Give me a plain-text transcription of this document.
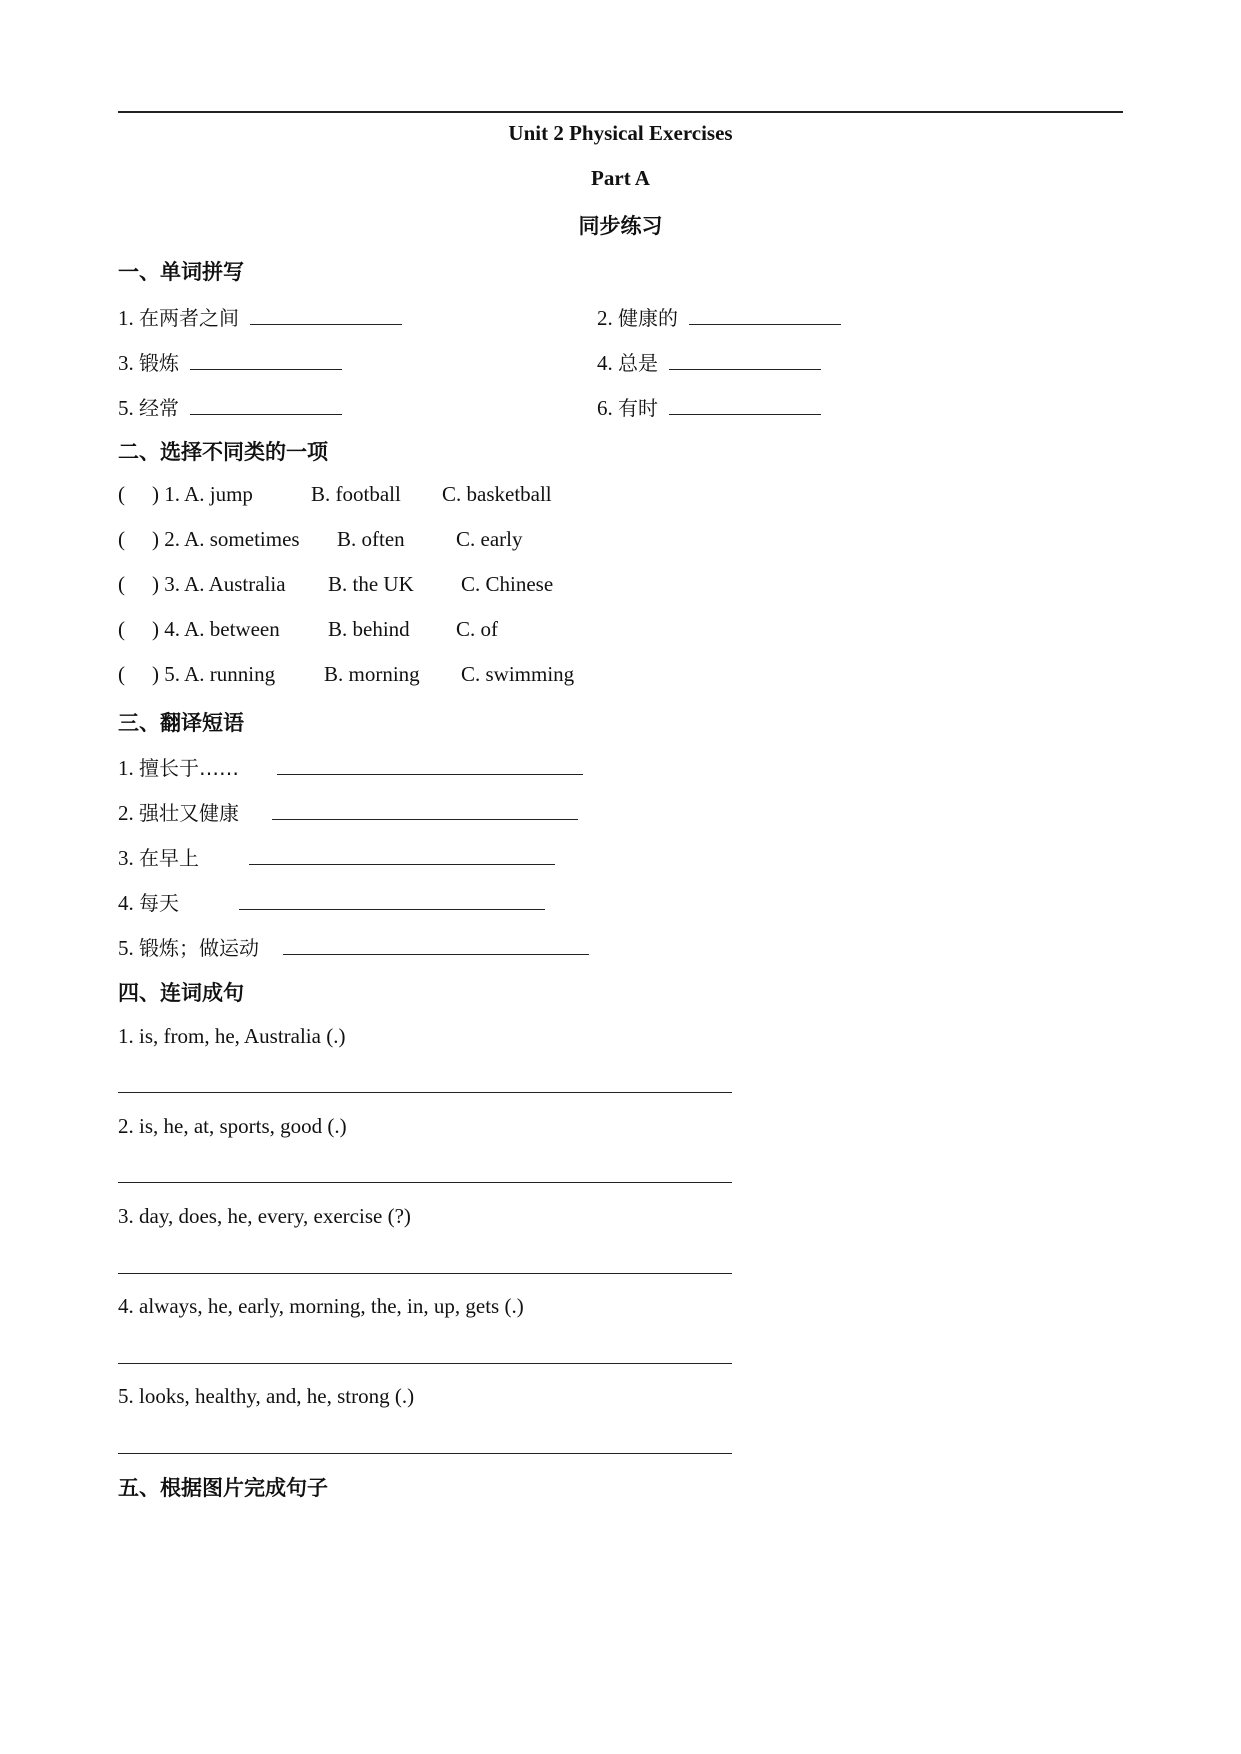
Unit 2 Physical Exercises
Part A
同步练习
一、单词拼写
1. 在两者之间	2. 健康的
3. 锻炼	4. 总是
5. 经常	6. 有时
二、选择不同类的一项
( ) 1. A. jump	B. football C. basketball
( ) 2. A. sometimes B. often C. early
( ) 3. A. Australia B. the UK C. Chinese
( ) 4. A. between B. behind C. of
( ) 5. A. running B. morning C. swimming
三、翻译短语
1. 擅长于……
2. 强壮又健康
3. 在早上
4. 每天
5. 锻炼；做运动
四、连词成句
1. is, from, he, Australia (.)
2. is, he, at, sports, good (.)
3. day, does, he, every, exercise (?)
4. always, he, early, morning, the, in, up, gets (.)
5. looks, healthy, and, he, strong (.)
五、根据图片完成句子
